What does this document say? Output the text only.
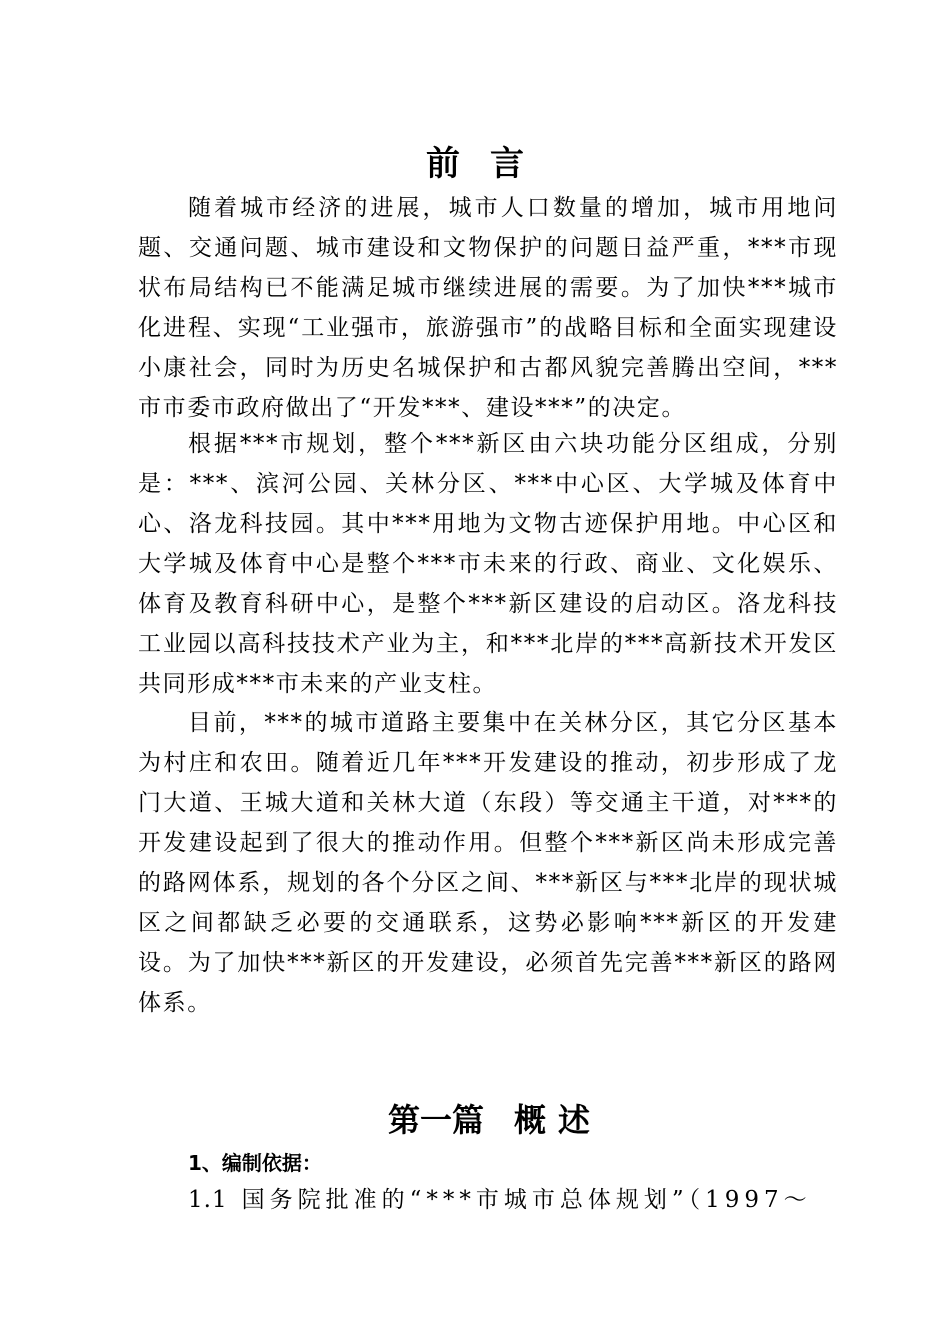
前言

随着城市经济的进展，城市人口数量的增加，城市用地问题、交通问题、城市建设和文物保护的问题日益严重，***市现状布局结构已不能满足城市继续进展的需要。为了加快***城市化进程、实现“工业强市，旅游强市”的战略目标和全面实现建设小康社会，同时为历史名城保护和古都风貌完善腾出空间，***市市委市政府做出了“开发***、建设***”的决定。

根据***市规划，整个***新区由六块功能分区组成，分别是：***、滨河公园、关林分区、***中心区、大学城及体育中心、洛龙科技园。其中***用地为文物古迹保护用地。中心区和大学城及体育中心是整个***市未来的行政、商业、文化娱乐、体育及教育科研中心，是整个***新区建设的启动区。洛龙科技工业园以高科技技术产业为主，和***北岸的***高新技术开发区共同形成***市未来的产业支柱。

目前，***的城市道路主要集中在关林分区，其它分区基本为村庄和农田。随着近几年***开发建设的推动，初步形成了龙门大道、王城大道和关林大道（东段）等交通主干道，对***的开发建设起到了很大的推动作用。但整个***新区尚未形成完善的路网体系，规划的各个分区之间、***新区与***北岸的现状城区之间都缺乏必要的交通联系，这势必影响***新区的开发建设。为了加快***新区的开发建设，必须首先完善***新区的路网体系。

第一篇 概述
1、编制依据：
1.1 国务院批准的“***市城市总体规划”（1997～
